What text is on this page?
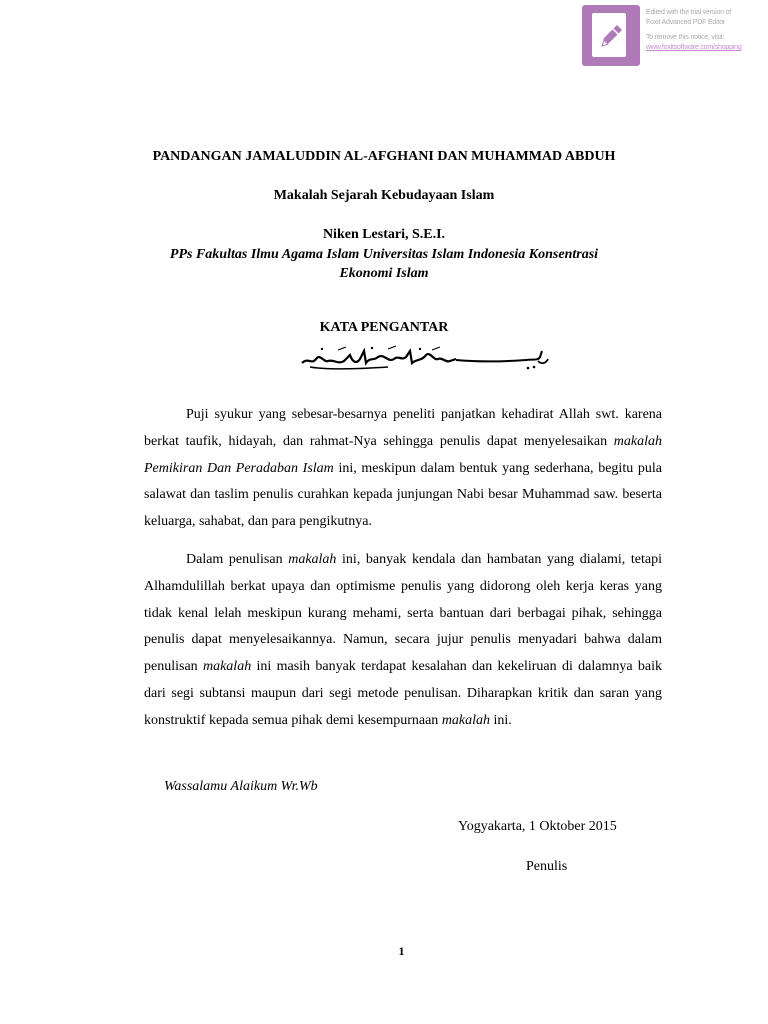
Edited with the trial version of
Foxit Advanced PDF Editor
To remove this notice, visit:
www.foxitsoftware.com/shopping
PANDANGAN JAMALUDDIN AL-AFGHANI DAN MUHAMMAD ABDUH
Makalah Sejarah Kebudayaan Islam
Niken Lestari, S.E.I.
PPs Fakultas Ilmu Agama Islam Universitas Islam Indonesia Konsentrasi
Ekonomi Islam
KATA PENGANTAR

Puji syukur yang sebesar-besarnya peneliti panjatkan kehadirat Allah swt. karena berkat taufik, hidayah, dan rahmat-Nya sehingga penulis dapat menyelesaikan makalah Pemikiran Dan Peradaban Islam ini, meskipun dalam bentuk yang sederhana, begitu pula salawat dan taslim penulis curahkan kepada junjungan Nabi besar Muhammad saw. beserta keluarga, sahabat, dan para pengikutnya.

Dalam penulisan makalah ini, banyak kendala dan hambatan yang dialami, tetapi Alhamdulillah berkat upaya dan optimisme penulis yang didorong oleh kerja keras yang tidak kenal lelah meskipun kurang mehami, serta bantuan dari berbagai pihak, sehingga penulis dapat menyelesaikannya. Namun, secara jujur penulis menyadari bahwa dalam penulisan makalah ini masih banyak terdapat kesalahan dan kekeliruan di dalamnya baik dari segi subtansi maupun dari segi metode penulisan. Diharapkan kritik dan saran yang konstruktif kepada semua pihak demi kesempurnaan makalah ini.

Wassalamu Alaikum Wr.Wb
Yogyakarta, 1 Oktober 2015
Penulis
1
